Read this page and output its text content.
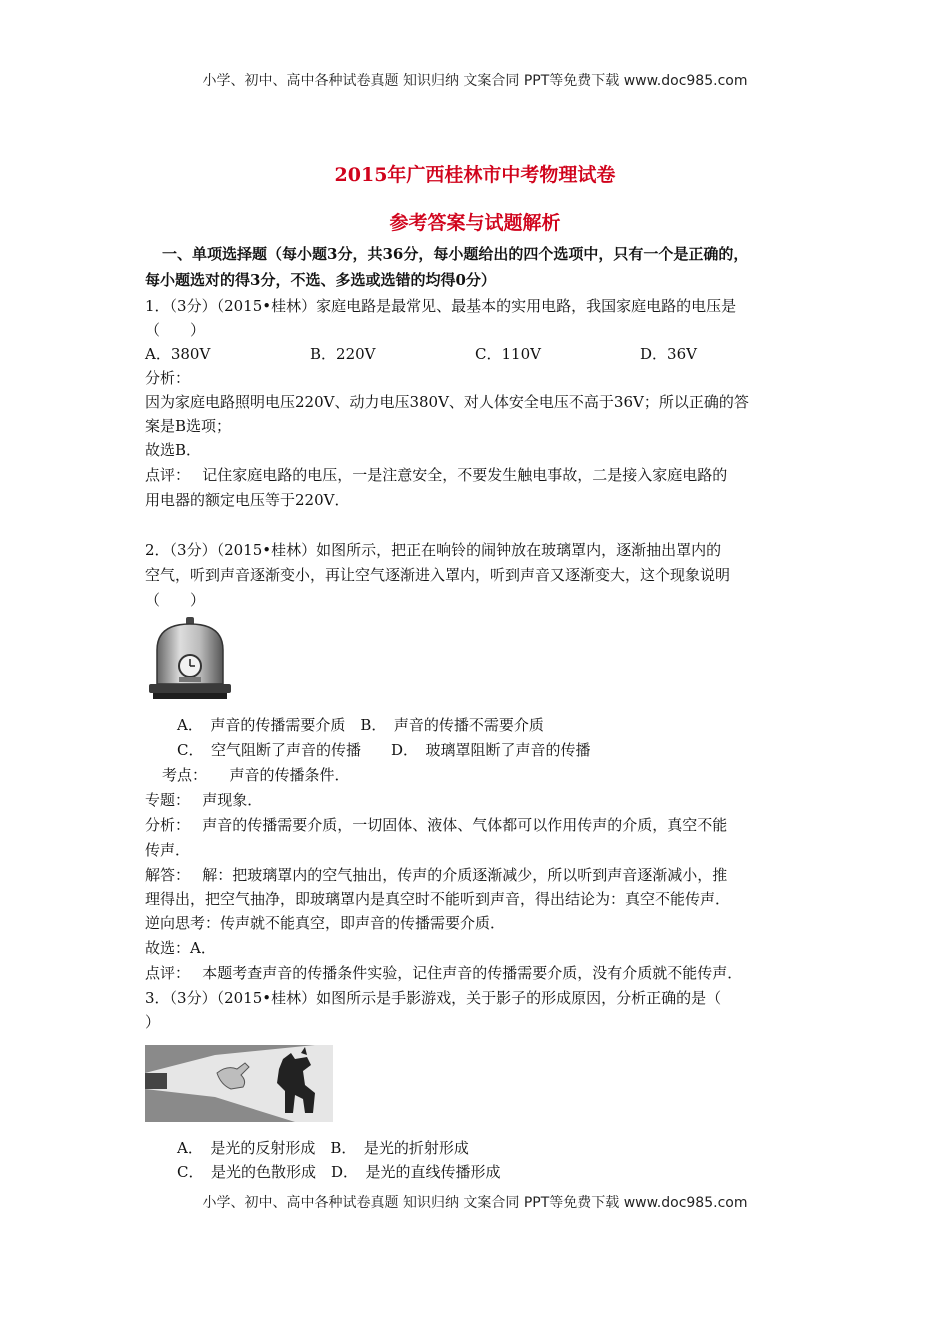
小学、初中、高中各种试卷真题 知识归纳 文案合同 PPT等免费下载 www.doc985.com
2015年广西桂林市中考物理试卷
参考答案与试题解析
一、单项选择题（每小题3分，共36分，每小题给出的四个选项中，只有一个是正确的，
每小题选对的得3分，不选、多选或选错的均得0分）
1．（3分）（2015•桂林）家庭电路是最常见、最基本的实用电路，我国家庭电路的电压是
（　　）
A．380V	B．220V	C．110V	D．36V
分析：
因为家庭电路照明电压220V、动力电压380V、对人体安全电压不高于36V；所以正确的答
案是B选项；
故选B．
点评：　 记住家庭电路的电压，一是注意安全，不要发生触电事故，二是接入家庭电路的
用电器的额定电压等于220V．
2．（3分）（2015•桂林）如图所示，把正在响铃的闹钟放在玻璃罩内，逐渐抽出罩内的
空气，听到声音逐渐变小，再让空气逐渐进入罩内，听到声音又逐渐变大，这个现象说明
（　　）
A．　声音的传播需要介质　B．　声音的传播不需要介质
C．　空气阻断了声音的传播　　D．　玻璃罩阻断了声音的传播
考点：　　声音的传播条件．
专题：　 声现象．
分析：　 声音的传播需要介质，一切固体、液体、气体都可以作用传声的介质，真空不能
传声．
解答：　 解：把玻璃罩内的空气抽出，传声的介质逐渐减少，所以听到声音逐渐减小，推
理得出，把空气抽净，即玻璃罩内是真空时不能听到声音，得出结论为：真空不能传声．
逆向思考：传声就不能真空，即声音的传播需要介质．
故选：A．
点评：　 本题考查声音的传播条件实验，记住声音的传播需要介质，没有介质就不能传声．
3．（3分）（2015•桂林）如图所示是手影游戏，关于影子的形成原因，分析正确的是（
）
A．　是光的反射形成　B．　是光的折射形成
C．　是光的色散形成　D．　是光的直线传播形成
小学、初中、高中各种试卷真题 知识归纳 文案合同 PPT等免费下载 www.doc985.com
